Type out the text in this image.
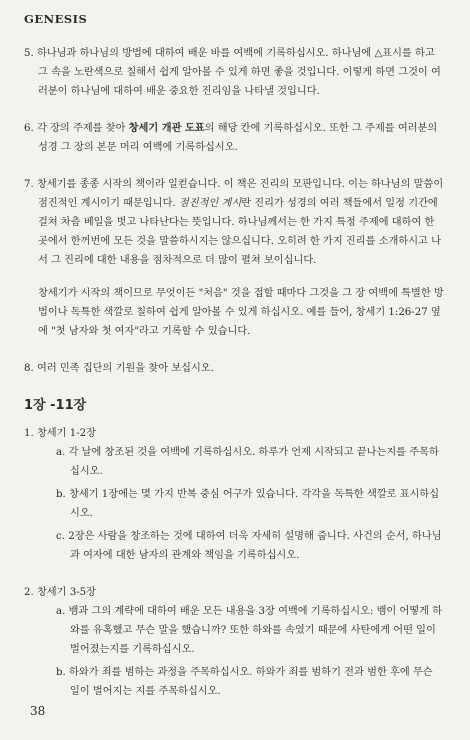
GENESIS

5. 하나님과 하나님의 방법에 대하여 배운 바를 여백에 기록하십시오. 하나님에 △표시를 하고 그 속을 노란색으로 칠해서 쉽게 알아볼 수 있게 하면 좋을 것입니다. 이렇게 하면 그것이 여러분이 하나님에 대하여 배운 중요한 진리임을 나타낼 것입니다.

6. 각 장의 주제를 찾아 창세기 개관 도표의 해당 칸에 기록하십시오. 또한 그 주제를 여러분의 성경 그 장의 본문 머리 여백에 기록하십시오.

7. 창세기를 종종 시작의 책이라 일컫습니다. 이 책은 진리의 모판입니다. 이는 하나님의 말씀이 점진적인 계시이기 때문입니다. 점진적인 계시란 진리가 성경의 여러 책들에서 일정 기간에 걸쳐 차츰 베일을 벗고 나타난다는 뜻입니다. 하나님께서는 한 가지 특정 주제에 대하여 한 곳에서 한꺼번에 모든 것을 말씀하시지는 않으십니다. 오히려 한 가지 진리를 소개하시고 나서 그 진리에 대한 내용을 점차적으로 더 많이 펼쳐 보이십니다.

창세기가 시작의 책이므로 무엇이든 "처음" 것을 접할 때마다 그것을 그 장 여백에 특별한 방법이나 독특한 색깔로 칠하여 쉽게 알아볼 수 있게 하십시오. 예를 들어, 창세기 1:26-27 옆에 "첫 남자와 첫 여자"라고 기록할 수 있습니다.

8. 여러 민족 집단의 기원을 찾아 보십시오.

1장 -11장

1. 창세기 1-2장

a. 각 날에 창조된 것을 여백에 기록하십시오. 하루가 언제 시작되고 끝나는지를 주목하십시오.
b. 창세기 1장에는 몇 가지 반복 중심 어구가 있습니다. 각각을 독특한 색깔로 표시하십시오.
c. 2장은 사람을 창조하는 것에 대하여 더욱 자세히 설명해 줍니다. 사건의 순서, 하나님과 여자에 대한 남자의 관계와 책임을 기록하십시오.

2. 창세기 3-5장

a. 뱀과 그의 계략에 대하여 배운 모든 내용을 3장 여백에 기록하십시오: 뱀이 어떻게 하와를 유혹했고 무슨 말을 했습니까? 또한 하와를 속였기 때문에 사탄에게 어떤 일이 벌어졌는지를 기록하십시오.
b. 하와가 죄를 범하는 과정을 주목하십시오. 하와가 죄를 범하기 전과 범한 후에 무슨 일이 벌어지는 지를 주목하십시오.
38
